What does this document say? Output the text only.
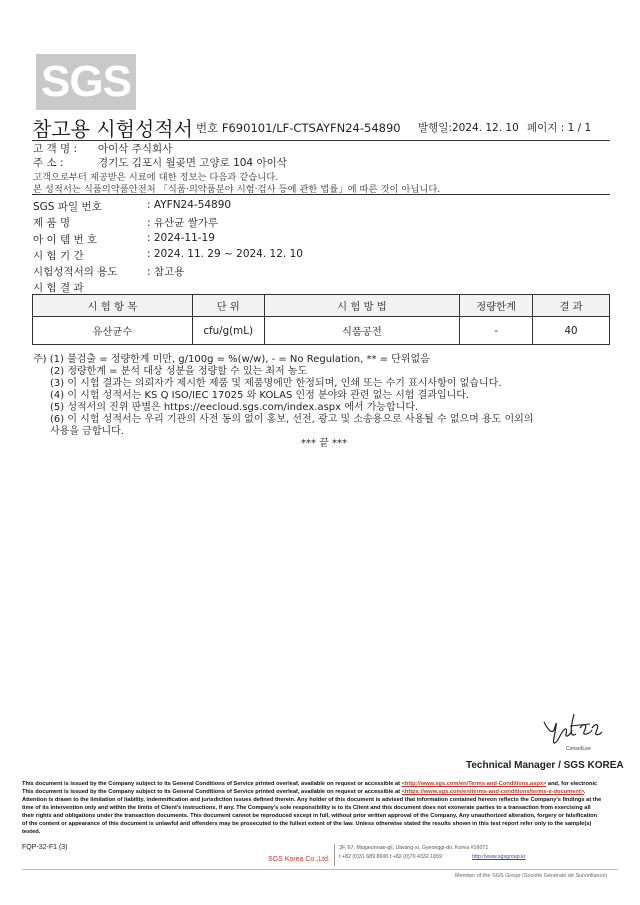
SGS
참고용 시험성적서 번호 F690101/LF-CTSAYFN24-54890 발행일:2024. 12. 10 페이지 : 1 / 1
고 객 명 : 아이삭 주식회사
주 소 :	경기도 김포시 월곶면 고양로 104 아이삭
고객으로부터 제공받은 시료에 대한 정보는 다음과 같습니다.
본 성적서는 식품의약품안전처 「식품·의약품분야 시험·검사 등에 관한 법률」에 따른 것이 아닙니다.
SGS 파일 번호	: AYFN24-54890
제 품 명	: 유산균 쌀가루
아 이 템 번 호	: 2024-11-19
시 험 기 간	: 2024. 11. 29 ~ 2024. 12. 10
시험성적서의 용도	: 참고용
시 험 결 과
시 험 항 목	단 위	시 험 방 법	정량한계	결 과
유산균수	cfu/g(mL)	식품공전	-	40
주) (1) 불검출 = 정량한계 미만, g/100g = %(w/w), - = No Regulation, ** = 단위없음
(2) 정량한계 = 분석 대상 성분을 정량할 수 있는 최저 농도
(3) 이 시험 결과는 의뢰자가 제시한 제품 및 제품명에만 한정되며, 인쇄 또는 수기 표시사항이 없습니다.
(4) 이 시험 성적서는 KS Q ISO/IEC 17025 와 KOLAS 인정 분야와 관련 없는 시험 결과입니다.
(5) 성적서의 진위 판별은 https://eecloud.sgs.com/index.aspx 에서 가능합니다.
(6) 이 시험 성적서는 우리 기관의 사전 동의 없이 홍보, 선전, 광고 및 소송용으로 사용될 수 없으며 용도 이외의
사용을 금합니다.
*** 끝 ***
ConardLee
Technical Manager / SGS KOREA
This document is issued by the Company subject to its General Conditions of Service printed overleaf, available on request or accessible at <http://www.sgs.com/en/Terms-and-Conditions.aspx> and, for electronic This document is issued by the Company subject to its General Conditions of Service printed overleaf, available on request or accessible at <https://www.sgs.com/en/terms-and-conditions/terms-e-document>. Attention is drawn to the limitation of liability, indemnification and jurisdiction issues defined therein. Any holder of this document is advised that information contained hereon reflects the Company's findings at the time of its intervention only and within the limits of Client's instructions, if any. The Company's sole responsibility is to its Client and this document does not exonerate parties to a transaction from exercising all their rights and obligations under the transaction documents. This document cannot be reproduced except in full, without prior written approval of the Company. Any unauthorized alteration, forgery or falsification of the content or appearance of this document is unlawful and offenders may be prosecuted to the fullest extent of the law. Unless otherwise stated the results shown in this test report refer only to the sample(s) tested.
FQP-32-F1 (3)
SGS Korea Co.,Ltd.
3F, 67, Maigeunnae-gil, Ulwang-si, Gyeonggi-do, Korea #16071
t +82 (0)31 689 8600 f +82 (0)70 4332 1659	http://www.sgsgroup.kr
Member of the SGS Group (Société Générale de Surveillance)
